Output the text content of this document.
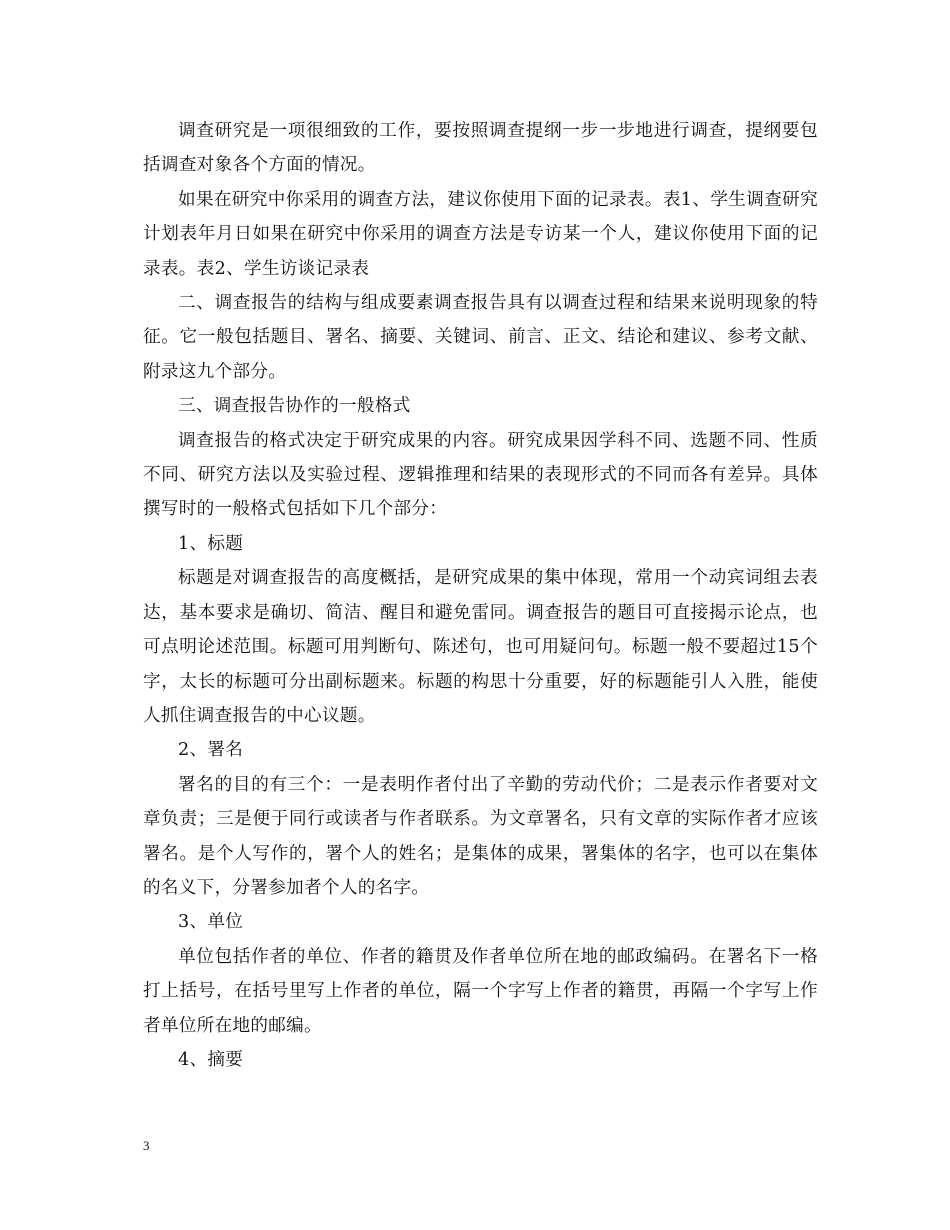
调查研究是一项很细致的工作，要按照调查提纲一步一步地进行调查，提纲要包括调查对象各个方面的情况。

如果在研究中你采用的调查方法，建议你使用下面的记录表。表1、学生调查研究计划表年月日如果在研究中你采用的调查方法是专访某一个人，建议你使用下面的记录表。表2、学生访谈记录表

二、调查报告的结构与组成要素调查报告具有以调查过程和结果来说明现象的特征。它一般包括题目、署名、摘要、关键词、前言、正文、结论和建议、参考文献、附录这九个部分。

三、调查报告协作的一般格式

调查报告的格式决定于研究成果的内容。研究成果因学科不同、选题不同、性质不同、研究方法以及实验过程、逻辑推理和结果的表现形式的不同而各有差异。具体撰写时的一般格式包括如下几个部分：

1、标题

标题是对调查报告的高度概括，是研究成果的集中体现，常用一个动宾词组去表达，基本要求是确切、简洁、醒目和避免雷同。调查报告的题目可直接揭示论点，也可点明论述范围。标题可用判断句、陈述句，也可用疑问句。标题一般不要超过15个字，太长的标题可分出副标题来。标题的构思十分重要，好的标题能引人入胜，能使人抓住调查报告的中心议题。

2、署名

署名的目的有三个：一是表明作者付出了辛勤的劳动代价；二是表示作者要对文章负责；三是便于同行或读者与作者联系。为文章署名，只有文章的实际作者才应该署名。是个人写作的，署个人的姓名；是集体的成果，署集体的名字，也可以在集体的名义下，分署参加者个人的名字。

3、单位

单位包括作者的单位、作者的籍贯及作者单位所在地的邮政编码。在署名下一格打上括号，在括号里写上作者的单位，隔一个字写上作者的籍贯，再隔一个字写上作者单位所在地的邮编。

4、摘要

3
